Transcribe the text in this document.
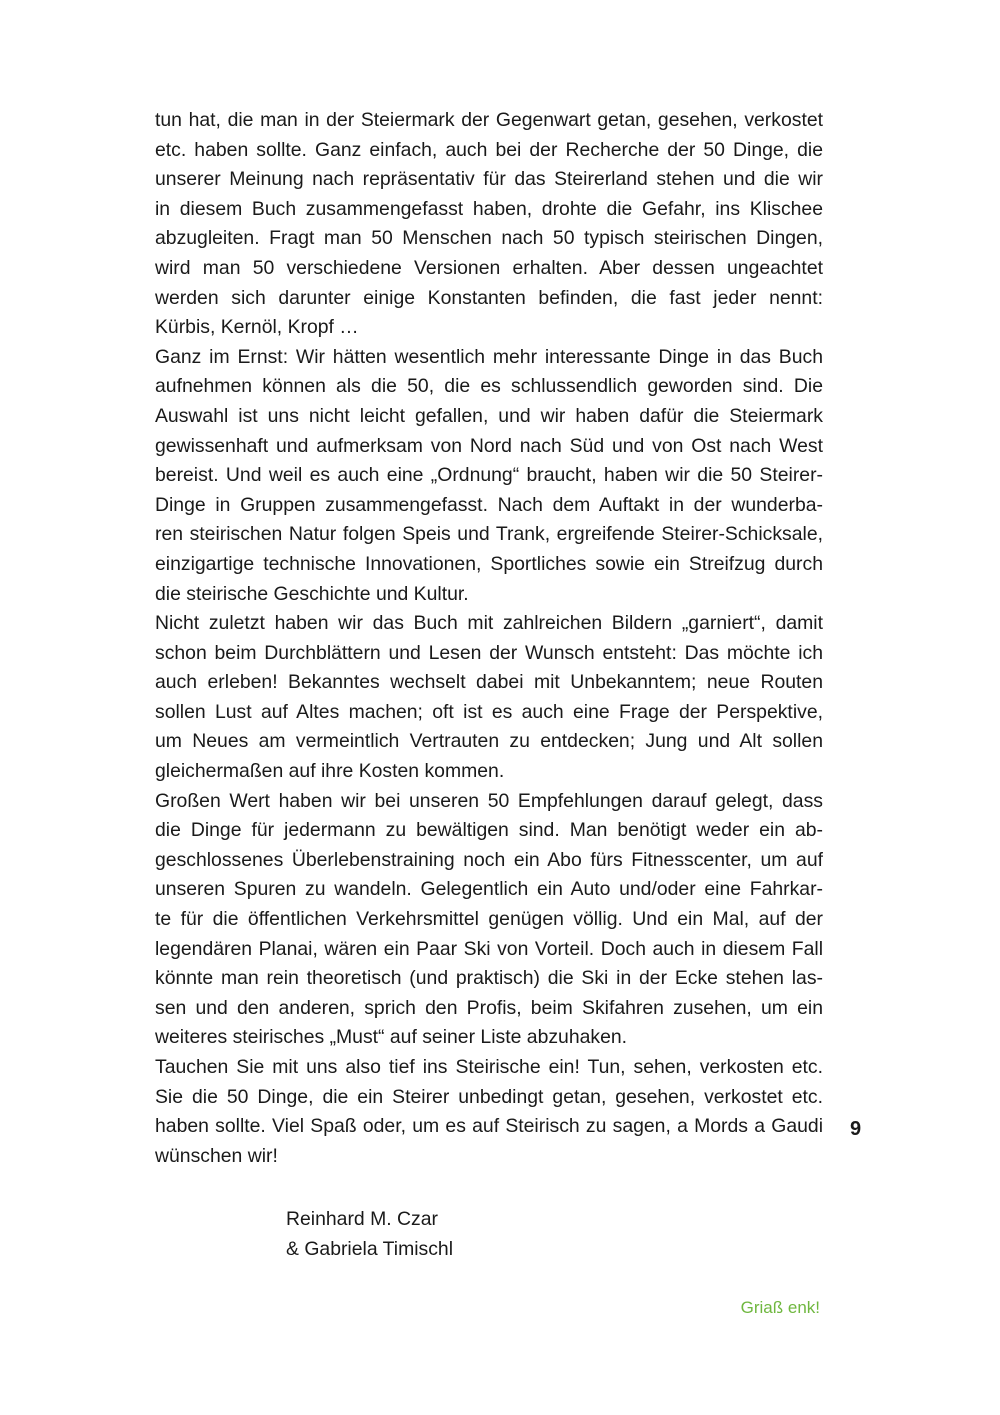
tun hat, die man in der Steiermark der Gegenwart getan, gesehen, verkostet
etc. haben sollte. Ganz einfach, auch bei der Recherche der 50 Dinge, die
unserer Meinung nach repräsentativ für das Steirerland stehen und die wir
in diesem Buch zusammengefasst haben, drohte die Gefahr, ins Klischee
abzugleiten. Fragt man 50 Menschen nach 50 typisch steirischen Dingen,
wird man 50 verschiedene Versionen erhalten. Aber dessen ungeachtet
werden sich darunter einige Konstanten befinden, die fast jeder nennt:
Kürbis, Kernöl, Kropf …
Ganz im Ernst: Wir hätten wesentlich mehr interessante Dinge in das Buch
aufnehmen können als die 50, die es schlussendlich geworden sind. Die
Auswahl ist uns nicht leicht gefallen, und wir haben dafür die Steiermark
gewissenhaft und aufmerksam von Nord nach Süd und von Ost nach West
bereist. Und weil es auch eine „Ordnung“ braucht, haben wir die 50 Steirer-
Dinge in Gruppen zusammengefasst. Nach dem Auftakt in der wunderba-
ren steirischen Natur folgen Speis und Trank, ergreifende Steirer-Schicksale,
einzigartige technische Innovationen, Sportliches sowie ein Streifzug durch
die steirische Geschichte und Kultur.
Nicht zuletzt haben wir das Buch mit zahlreichen Bildern „garniert“, damit
schon beim Durchblättern und Lesen der Wunsch entsteht: Das möchte ich
auch erleben! Bekanntes wechselt dabei mit Unbekanntem; neue Routen
sollen Lust auf Altes machen; oft ist es auch eine Frage der Perspektive,
um Neues am vermeintlich Vertrauten zu entdecken; Jung und Alt sollen
gleichermaßen auf ihre Kosten kommen.
Großen Wert haben wir bei unseren 50 Empfehlungen darauf gelegt, dass
die Dinge für jedermann zu bewältigen sind. Man benötigt weder ein ab-
geschlossenes Überlebenstraining noch ein Abo fürs Fitnesscenter, um auf
unseren Spuren zu wandeln. Gelegentlich ein Auto und/oder eine Fahrkar-
te für die öffentlichen Verkehrsmittel genügen völlig. Und ein Mal, auf der
legendären Planai, wären ein Paar Ski von Vorteil. Doch auch in diesem Fall
könnte man rein theoretisch (und praktisch) die Ski in der Ecke stehen las-
sen und den anderen, sprich den Profis, beim Skifahren zusehen, um ein
weiteres steirisches „Must“ auf seiner Liste abzuhaken.
Tauchen Sie mit uns also tief ins Steirische ein! Tun, sehen, verkosten etc.
Sie die 50 Dinge, die ein Steirer unbedingt getan, gesehen, verkostet etc.
haben sollte. Viel Spaß oder, um es auf Steirisch zu sagen, a Mords a Gaudi
wünschen wir!
Reinhard M. Czar
& Gabriela Timischl
9
Griaß enk!
